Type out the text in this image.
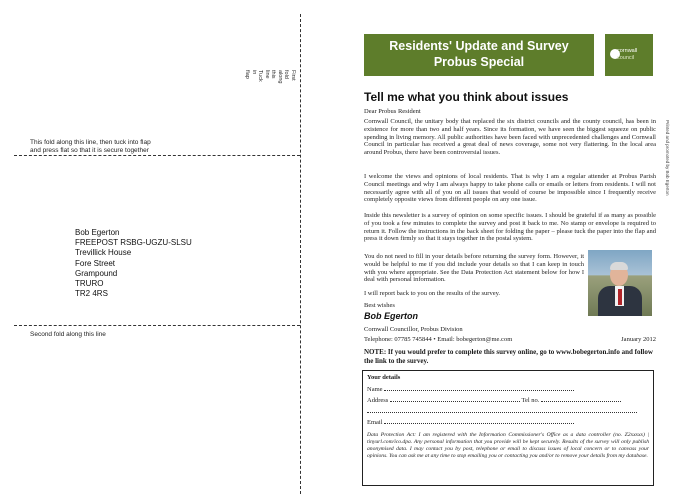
First fold along this line
Tuck in flap
This fold along this line, then tuck into flap
and press flat so that it is secure together
Bob Egerton
FREEPOST RSBG-UGZU-SLSU
Trevillick House
Fore Street
Grampound
TRURO
TR2 4RS
Second fold along this line
Residents' Update and Survey
Probus Special
cornwall
council
Printed and promoted by Bob Egerton
Tell me what you think about issues
Dear Probus Resident
Cornwall Council, the unitary body that replaced the six district councils and the county council, has been in existence for more than two and half years. Since its formation, we have seen the biggest squeeze on public spending in living memory. All public authorities have been faced with unprecedented challenges and Cornwall Council in particular has received a great deal of news coverage, some not very flattering. In the local area around Probus, there have been controversial issues.
I welcome the views and opinions of local residents. That is why I am a regular attender at Probus Parish Council meetings and why I am always happy to take phone calls or emails or letters from residents. I will not necessarily agree with all of you on all issues that would of course be impossible since I frequently receive completely opposite views from different people on any one issue.
Inside this newsletter is a survey of opinion on some specific issues. I should be grateful if as many as possible of you took a few minutes to complete the survey and post it back to me. No stamp or envelope is required to return it. Follow the instructions in the back sheet for folding the paper – please tuck the paper into the flap and press it down firmly so that it stays together in the postal system.
You do not need to fill in your details before returning the survey form. However, it would be helpful to me if you did include your details so that I can keep in touch with you where appropriate. See the Data Protection Act statement below for how I deal with personal information.
I will report back to you on the results of the survey.
Best wishes
Bob Egerton
Cornwall Councillor, Probus Division
Telephone: 07785 745844 • Email: bobegerton@me.com	January 2012
NOTE: If you would prefer to complete this survey online, go to www.bobegerton.info and follow the link to the survey.
Your details
Name
Address	Tel no.
Email
Data Protection Act: I am registered with the Information Commissioner's Office as a data controller (no. Z2xxxxx) | tinyurl.com/ico.dpa. Any personal information that you provide will be kept securely. Results of the survey will only publish anonymised data. I may contact you by post, telephone or email to discuss issues of local concern or to canvass your opinions. You can ask me at any time to stop emailing you or contacting you and/or to remove your details from my database.
